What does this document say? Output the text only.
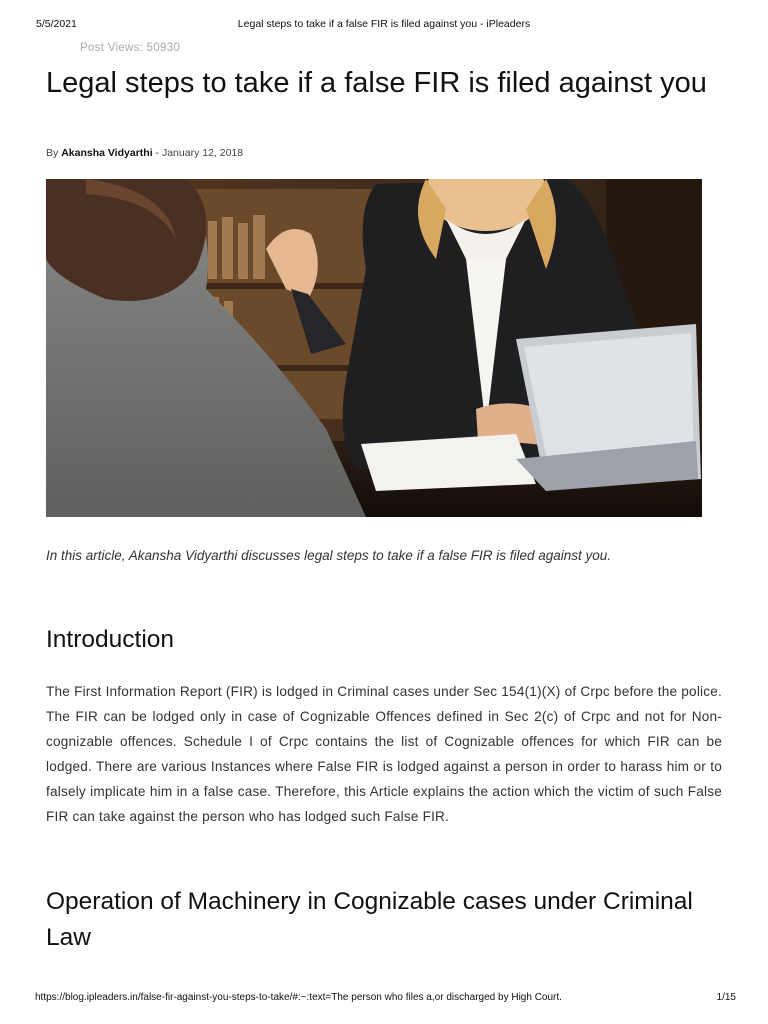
5/5/2021	Legal steps to take if a false FIR is filed against you - iPleaders
Post Views: 50930
Legal steps to take if a false FIR is filed against you
By Akansha Vidyarthi - January 12, 2018

In this article, Akansha Vidyarthi discusses legal steps to take if a false FIR is filed against you.

Introduction

The First Information Report (FIR) is lodged in Criminal cases under Sec 154(1)(X) of Crpc before the police. The FIR can be lodged only in case of Cognizable Offences defined in Sec 2(c) of Crpc and not for Non-cognizable offences. Schedule I of Crpc contains the list of Cognizable offences for which FIR can be lodged. There are various Instances where False FIR is lodged against a person in order to harass him or to falsely implicate him in a false case. Therefore, this Article explains the action which the victim of such False FIR can take against the person who has lodged such False FIR.

Operation of Machinery in Cognizable cases under Criminal Law
https://blog.ipleaders.in/false-fir-against-you-steps-to-take/#:~:text=The person who files a,or discharged by High Court.	1/15
